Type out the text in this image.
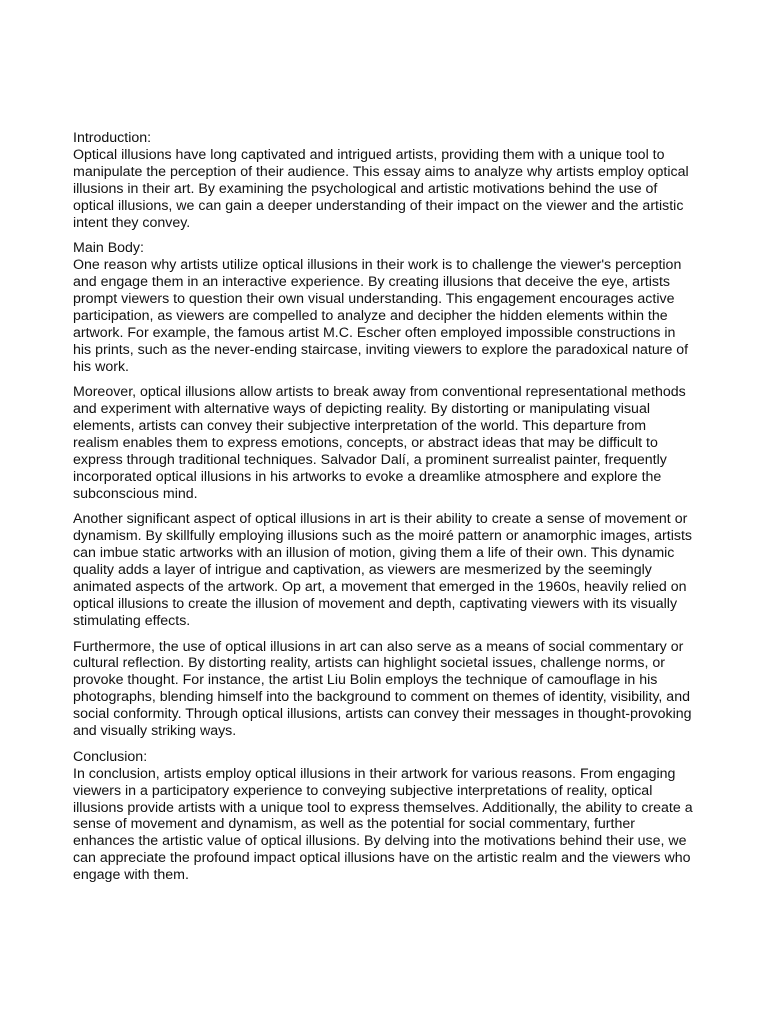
Introduction:
Optical illusions have long captivated and intrigued artists, providing them with a unique tool to manipulate the perception of their audience. This essay aims to analyze why artists employ optical illusions in their art. By examining the psychological and artistic motivations behind the use of optical illusions, we can gain a deeper understanding of their impact on the viewer and the artistic intent they convey.
Main Body:
One reason why artists utilize optical illusions in their work is to challenge the viewer's perception and engage them in an interactive experience. By creating illusions that deceive the eye, artists prompt viewers to question their own visual understanding. This engagement encourages active participation, as viewers are compelled to analyze and decipher the hidden elements within the artwork. For example, the famous artist M.C. Escher often employed impossible constructions in his prints, such as the never-ending staircase, inviting viewers to explore the paradoxical nature of his work.

Moreover, optical illusions allow artists to break away from conventional representational methods and experiment with alternative ways of depicting reality. By distorting or manipulating visual elements, artists can convey their subjective interpretation of the world. This departure from realism enables them to express emotions, concepts, or abstract ideas that may be difficult to express through traditional techniques. Salvador Dalí, a prominent surrealist painter, frequently incorporated optical illusions in his artworks to evoke a dreamlike atmosphere and explore the subconscious mind.

Another significant aspect of optical illusions in art is their ability to create a sense of movement or dynamism. By skillfully employing illusions such as the moiré pattern or anamorphic images, artists can imbue static artworks with an illusion of motion, giving them a life of their own. This dynamic quality adds a layer of intrigue and captivation, as viewers are mesmerized by the seemingly animated aspects of the artwork. Op art, a movement that emerged in the 1960s, heavily relied on optical illusions to create the illusion of movement and depth, captivating viewers with its visually stimulating effects.

Furthermore, the use of optical illusions in art can also serve as a means of social commentary or cultural reflection. By distorting reality, artists can highlight societal issues, challenge norms, or provoke thought. For instance, the artist Liu Bolin employs the technique of camouflage in his photographs, blending himself into the background to comment on themes of identity, visibility, and social conformity. Through optical illusions, artists can convey their messages in thought-provoking and visually striking ways.

Conclusion:
In conclusion, artists employ optical illusions in their artwork for various reasons. From engaging viewers in a participatory experience to conveying subjective interpretations of reality, optical illusions provide artists with a unique tool to express themselves. Additionally, the ability to create a sense of movement and dynamism, as well as the potential for social commentary, further enhances the artistic value of optical illusions. By delving into the motivations behind their use, we can appreciate the profound impact optical illusions have on the artistic realm and the viewers who engage with them.
